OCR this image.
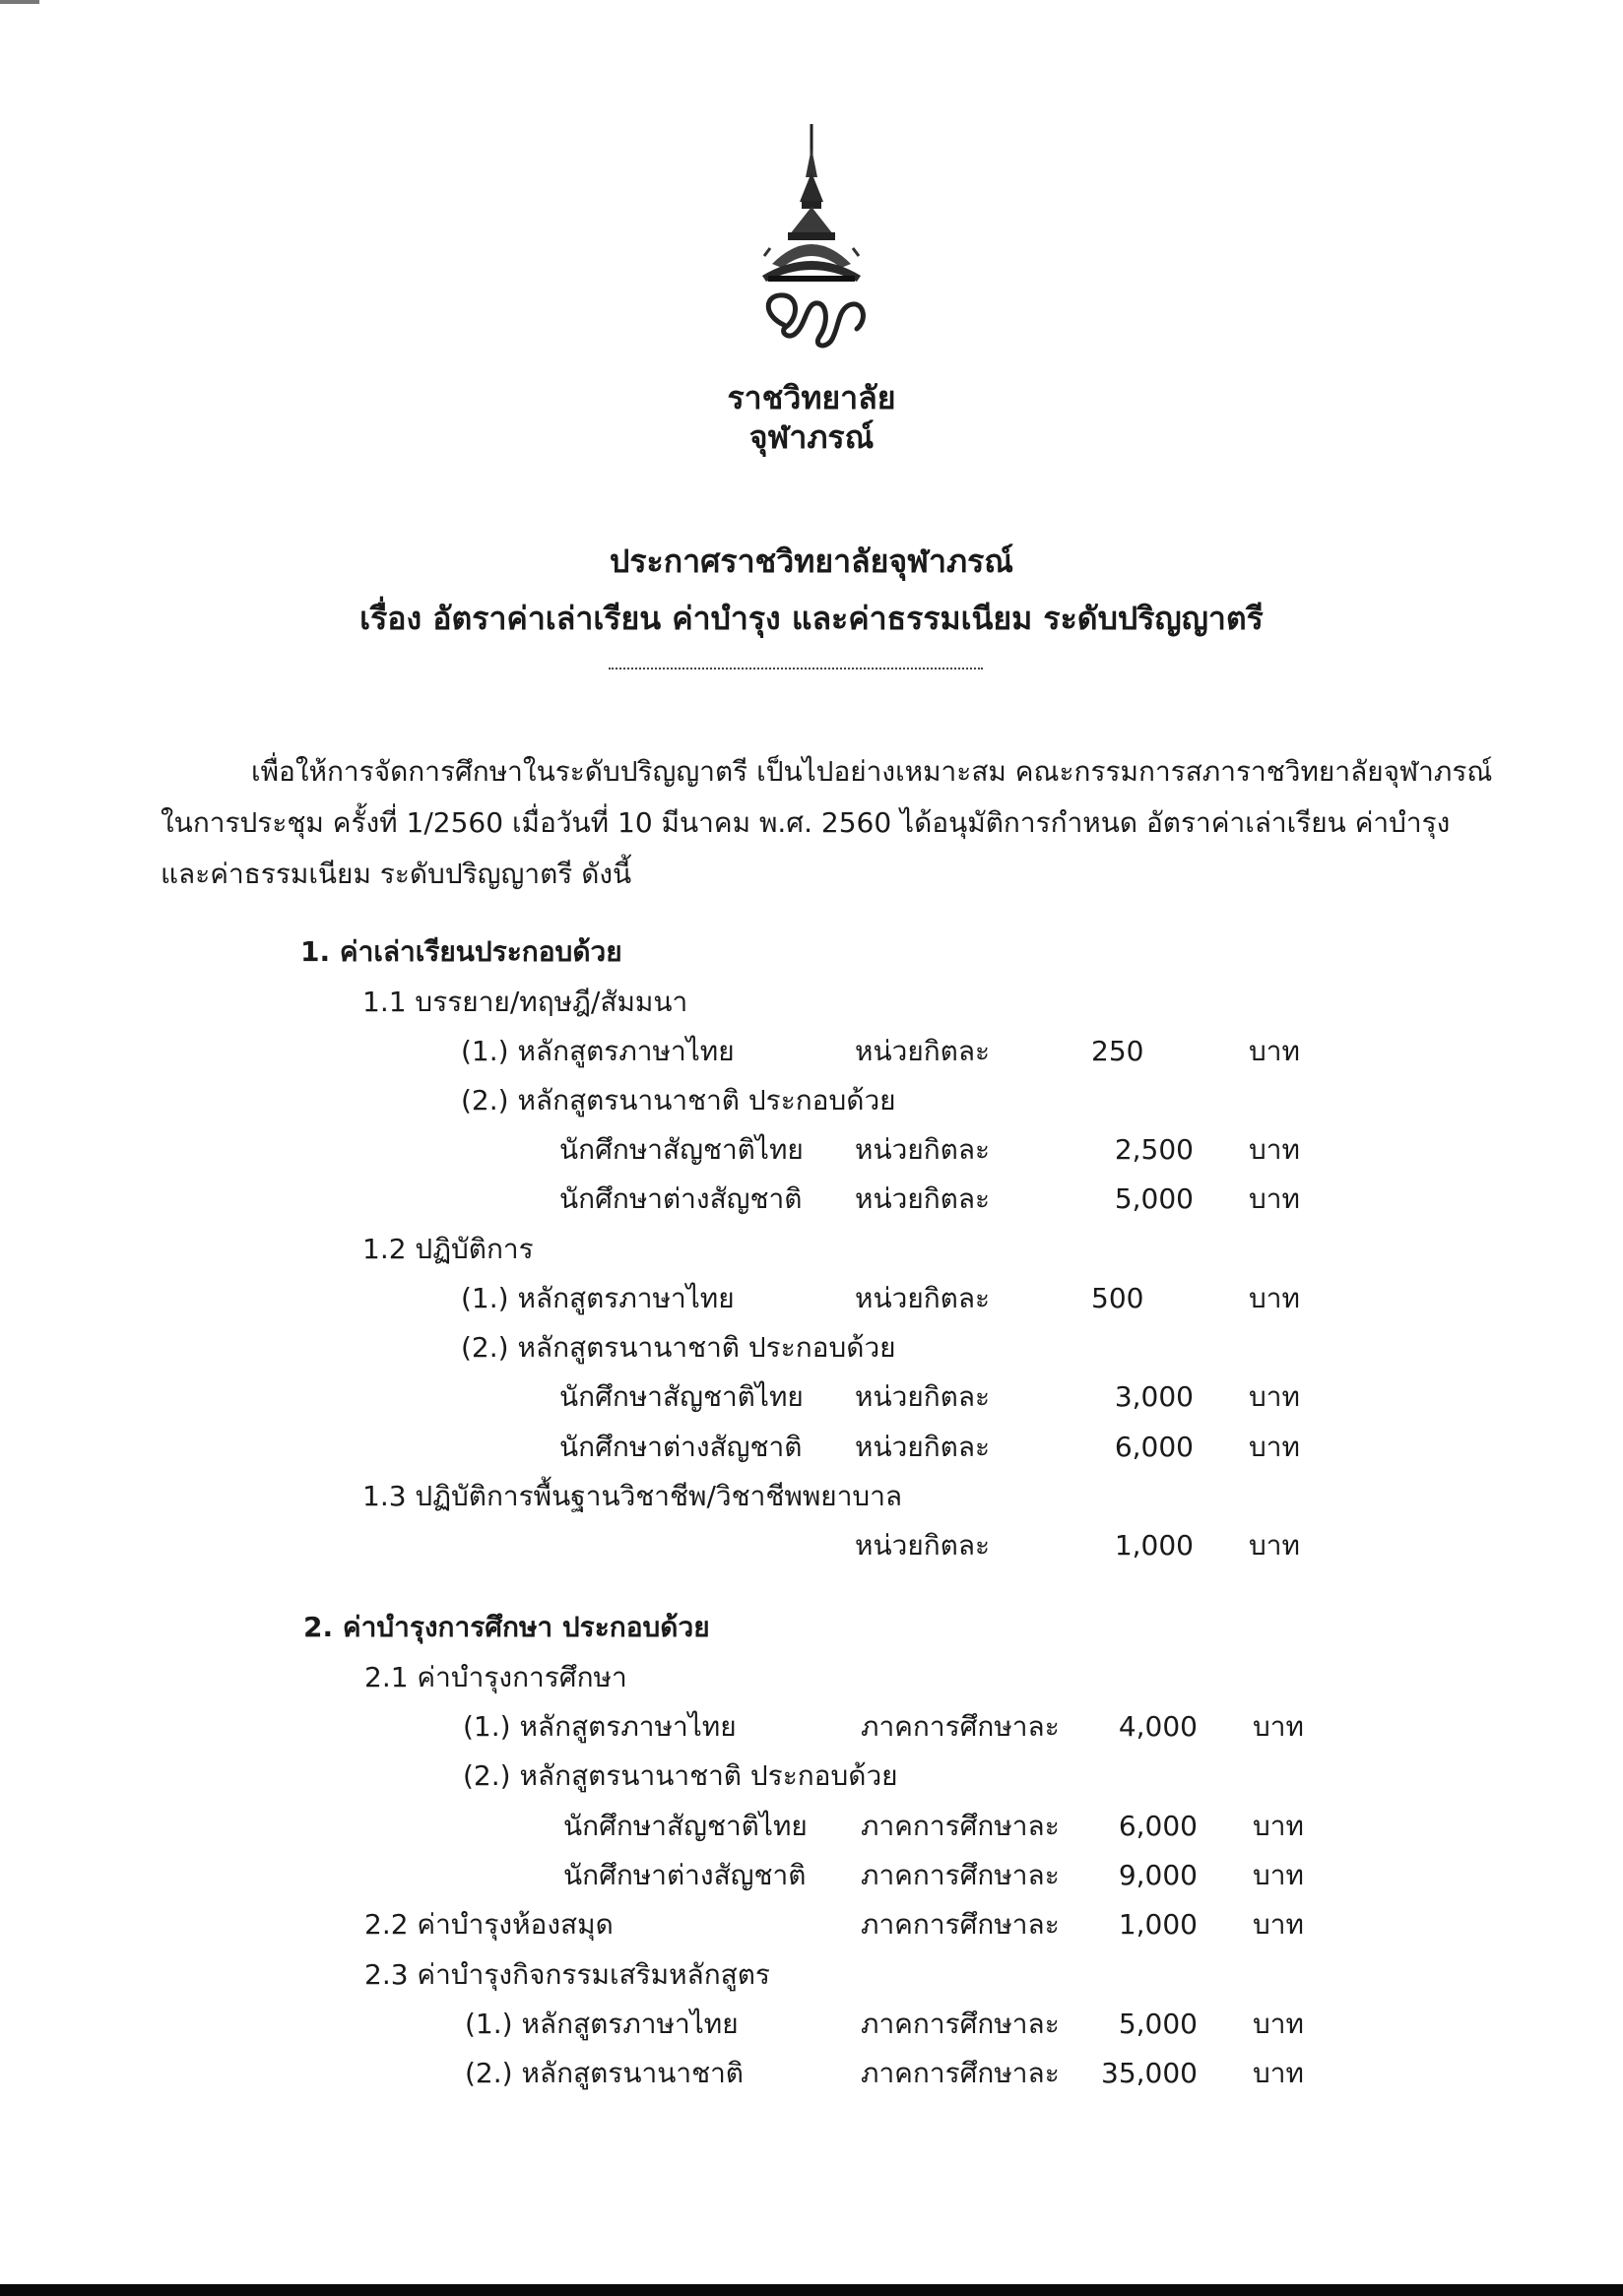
ราชวิทยาลัย
จุฬาภรณ์
ประกาศราชวิทยาลัยจุฬาภรณ์
เรื่อง อัตราค่าเล่าเรียน ค่าบำรุง และค่าธรรมเนียม ระดับปริญญาตรี
เพื่อให้การจัดการศึกษาในระดับปริญญาตรี เป็นไปอย่างเหมาะสม คณะกรรมการสภาราชวิทยาลัยจุฬาภรณ์
ในการประชุม ครั้งที่ 1/2560 เมื่อวันที่ 10 มีนาคม พ.ศ. 2560 ได้อนุมัติการกำหนด อัตราค่าเล่าเรียน ค่าบำรุง
และค่าธรรมเนียม ระดับปริญญาตรี ดังนี้
1. ค่าเล่าเรียนประกอบด้วย
1.1 บรรยาย/ทฤษฎี/สัมมนา
(1.) หลักสูตรภาษาไทย	หน่วยกิตละ	250	บาท
(2.) หลักสูตรนานาชาติ ประกอบด้วย
นักศึกษาสัญชาติไทย หน่วยกิตละ	2,500 บาท
นักศึกษาต่างสัญชาติ หน่วยกิตละ	5,000 บาท
1.2 ปฏิบัติการ
(1.) หลักสูตรภาษาไทย	หน่วยกิตละ	500	บาท
(2.) หลักสูตรนานาชาติ ประกอบด้วย
นักศึกษาสัญชาติไทย หน่วยกิตละ	3,000 บาท
นักศึกษาต่างสัญชาติ หน่วยกิตละ	6,000 บาท
1.3 ปฏิบัติการพื้นฐานวิชาชีพ/วิชาชีพพยาบาล
หน่วยกิตละ	1,000 บาท
2. ค่าบำรุงการศึกษา ประกอบด้วย
2.1 ค่าบำรุงการศึกษา
(1.) หลักสูตรภาษาไทย	ภาคการศึกษาละ	4,000 บาท
(2.) หลักสูตรนานาชาติ ประกอบด้วย
นักศึกษาสัญชาติไทย ภาคการศึกษาละ	6,000 บาท
นักศึกษาต่างสัญชาติ ภาคการศึกษาละ	9,000 บาท
2.2 ค่าบำรุงห้องสมุด	ภาคการศึกษาละ	1,000 บาท
2.3 ค่าบำรุงกิจกรรมเสริมหลักสูตร
(1.) หลักสูตรภาษาไทย	ภาคการศึกษาละ	5,000 บาท
(2.) หลักสูตรนานาชาติ	ภาคการศึกษาละ	35,000 บาท
